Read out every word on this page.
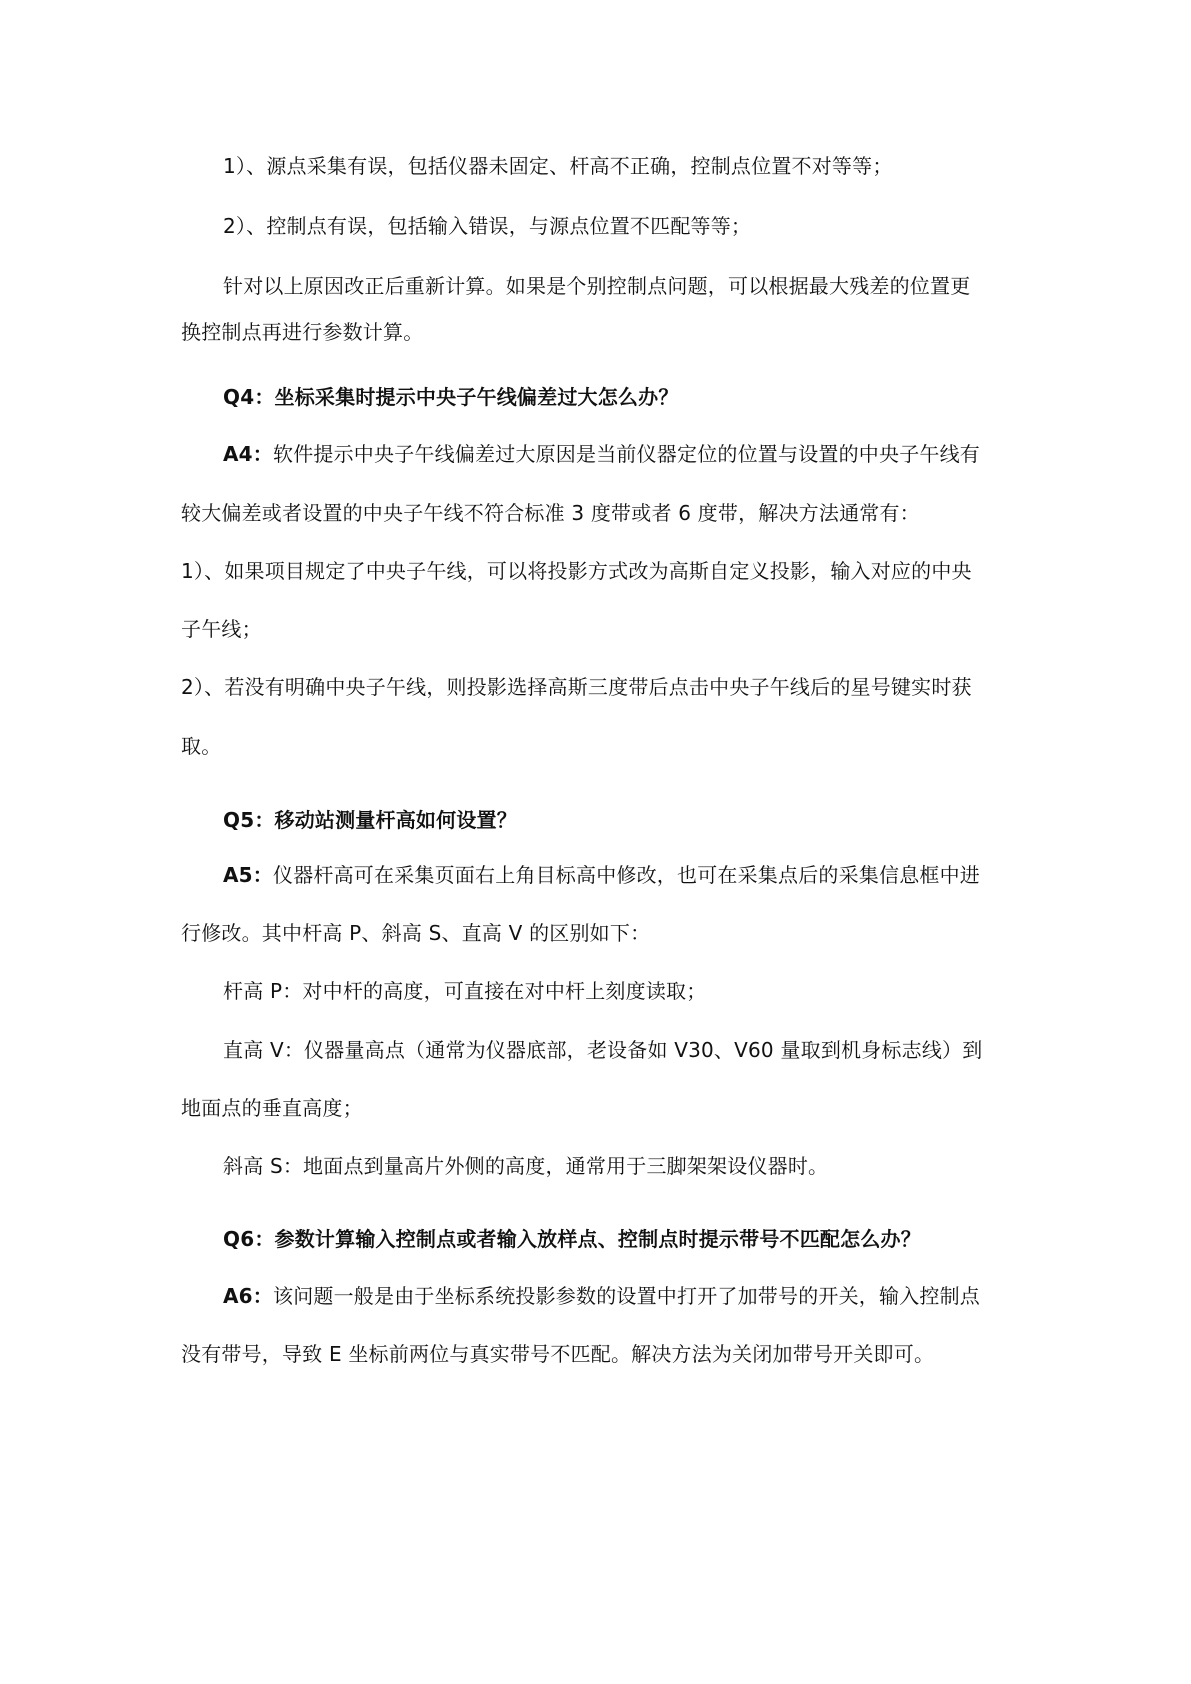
1）、源点采集有误，包括仪器未固定、杆高不正确，控制点位置不对等等；
2）、控制点有误，包括输入错误，与源点位置不匹配等等；
针对以上原因改正后重新计算。如果是个别控制点问题，可以根据最大残差的位置更
换控制点再进行参数计算。
Q4：坐标采集时提示中央子午线偏差过大怎么办？
A4：软件提示中央子午线偏差过大原因是当前仪器定位的位置与设置的中央子午线有
较大偏差或者设置的中央子午线不符合标准 3 度带或者 6 度带，解决方法通常有：
1）、如果项目规定了中央子午线，可以将投影方式改为高斯自定义投影，输入对应的中央
子午线；
2）、若没有明确中央子午线，则投影选择高斯三度带后点击中央子午线后的星号键实时获
取。
Q5：移动站测量杆高如何设置？
A5：仪器杆高可在采集页面右上角目标高中修改，也可在采集点后的采集信息框中进
行修改。其中杆高 P、斜高 S、直高 V 的区别如下：
杆高 P：对中杆的高度，可直接在对中杆上刻度读取；
直高 V：仪器量高点（通常为仪器底部，老设备如 V30、V60 量取到机身标志线）到
地面点的垂直高度；
斜高 S：地面点到量高片外侧的高度，通常用于三脚架架设仪器时。
Q6：参数计算输入控制点或者输入放样点、控制点时提示带号不匹配怎么办？
A6：该问题一般是由于坐标系统投影参数的设置中打开了加带号的开关，输入控制点
没有带号，导致 E 坐标前两位与真实带号不匹配。解决方法为关闭加带号开关即可。
